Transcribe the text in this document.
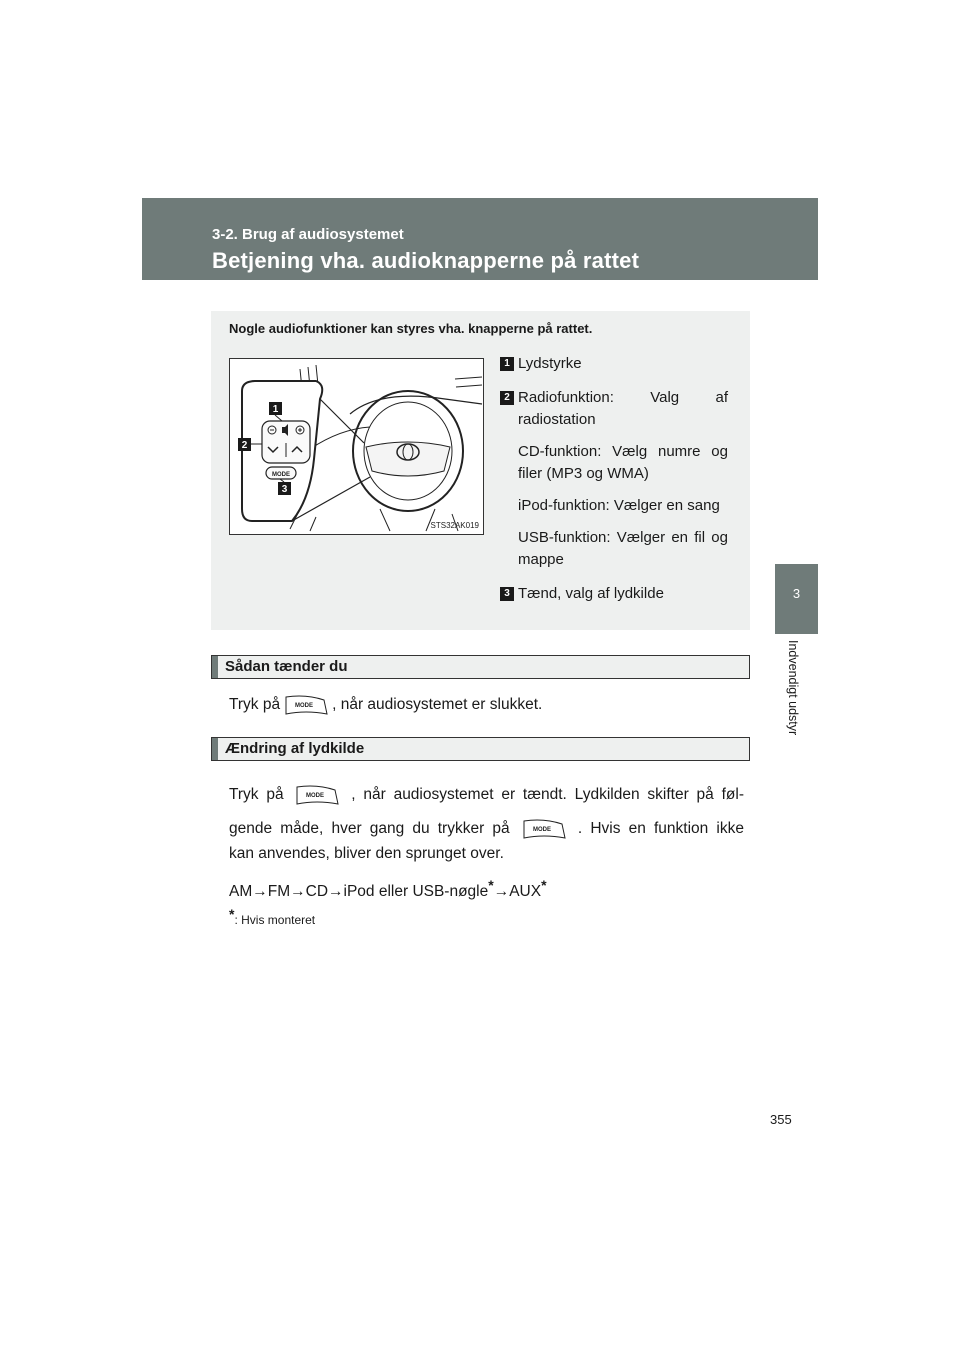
3-2. Brug af audiosystemet
Betjening vha. audioknapperne på rattet
3
Indvendigt udstyr
Nogle audiofunktioner kan styres vha. knapperne på rattet.
MODE
1
2
3
STS32AK019
1 Lydstyrke
2 Radiofunktion: Valg af radiostation
CD-funktion: Vælg numre og filer (MP3 og WMA)
iPod-funktion: Vælger en sang
USB-funktion: Vælger en fil og mappe
3 Tænd, valg af lydkilde
Sådan tænder du
Tryk på	MODE , når audiosystemet er slukket.
Ændring af lydkilde
Tryk på	MODE , når audiosystemet er tændt. Lydkilden skifter på føl-
gende måde, hver gang du trykker på	MODE . Hvis en funktion ikke
kan anvendes, bliver den sprunget over.
AM→FM→CD→iPod eller USB-nøgle*→AUX*
*: Hvis monteret
355
